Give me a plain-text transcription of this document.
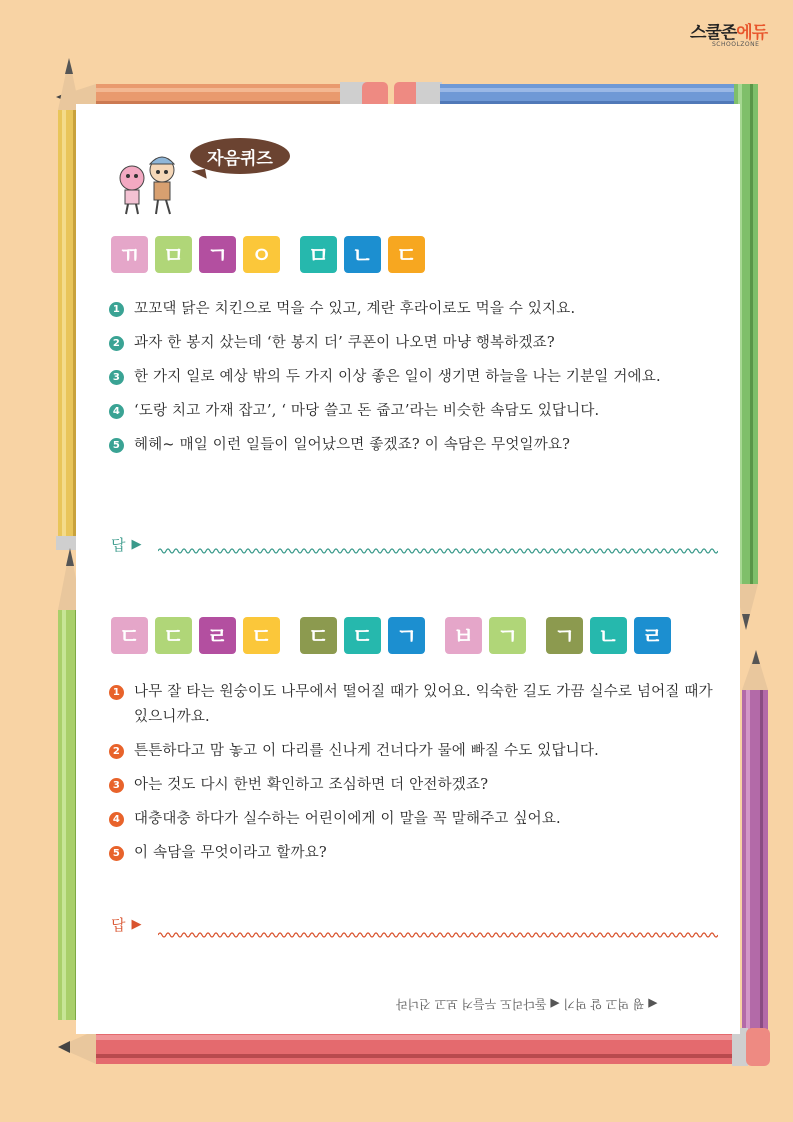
스쿨존에듀
SCHOOLZONE
자음퀴즈
ㄲ	ㅁ	ㄱ	ㅇ	ㅁ	ㄴ	ㄷ
1 꼬꼬댁 닭은 치킨으로 먹을 수 있고, 계란 후라이로도 먹을 수 있지요.
2 과자 한 봉지 샀는데 ‘한 봉지 더’ 쿠폰이 나오면 마냥 행복하겠죠?
3 한 가지 일로 예상 밖의 두 가지 이상 좋은 일이 생기면 하늘을 나는 기분일 거에요.
4 ‘도랑 치고 가재 잡고’, ‘ 마당 쓸고 돈 줍고’라는 비슷한 속담도 있답니다.
5 헤헤~ 매일 이런 일들이 일어났으면 좋겠죠? 이 속담은 무엇일까요?
답 ▶
ㄷ	ㄷ	ㄹ	ㄷ	ㄷ	ㄷ	ㄱ	ㅂ	ㄱ	ㄱ	ㄴ	ㄹ
1 나무 잘 타는 원숭이도 나무에서 떨어질 때가 있어요. 익숙한 길도 가끔 실수로 넘어질 때가 있으니까요.
2 튼튼하다고 맘 놓고 이 다리를 신나게 건너다가 물에 빠질 수도 있답니다.
3 아는 것도 다시 한번 확인하고 조심하면 더 안전하겠죠?
4 대충대충 하다가 실수하는 어린이에게 이 말을 꼭 말해주고 싶어요.
5 이 속담을 무엇이라고 할까요?
답 ▶
◀ 꿩 먹고 알 먹기 ◀ 돌다리도 두들겨 보고 건너라
